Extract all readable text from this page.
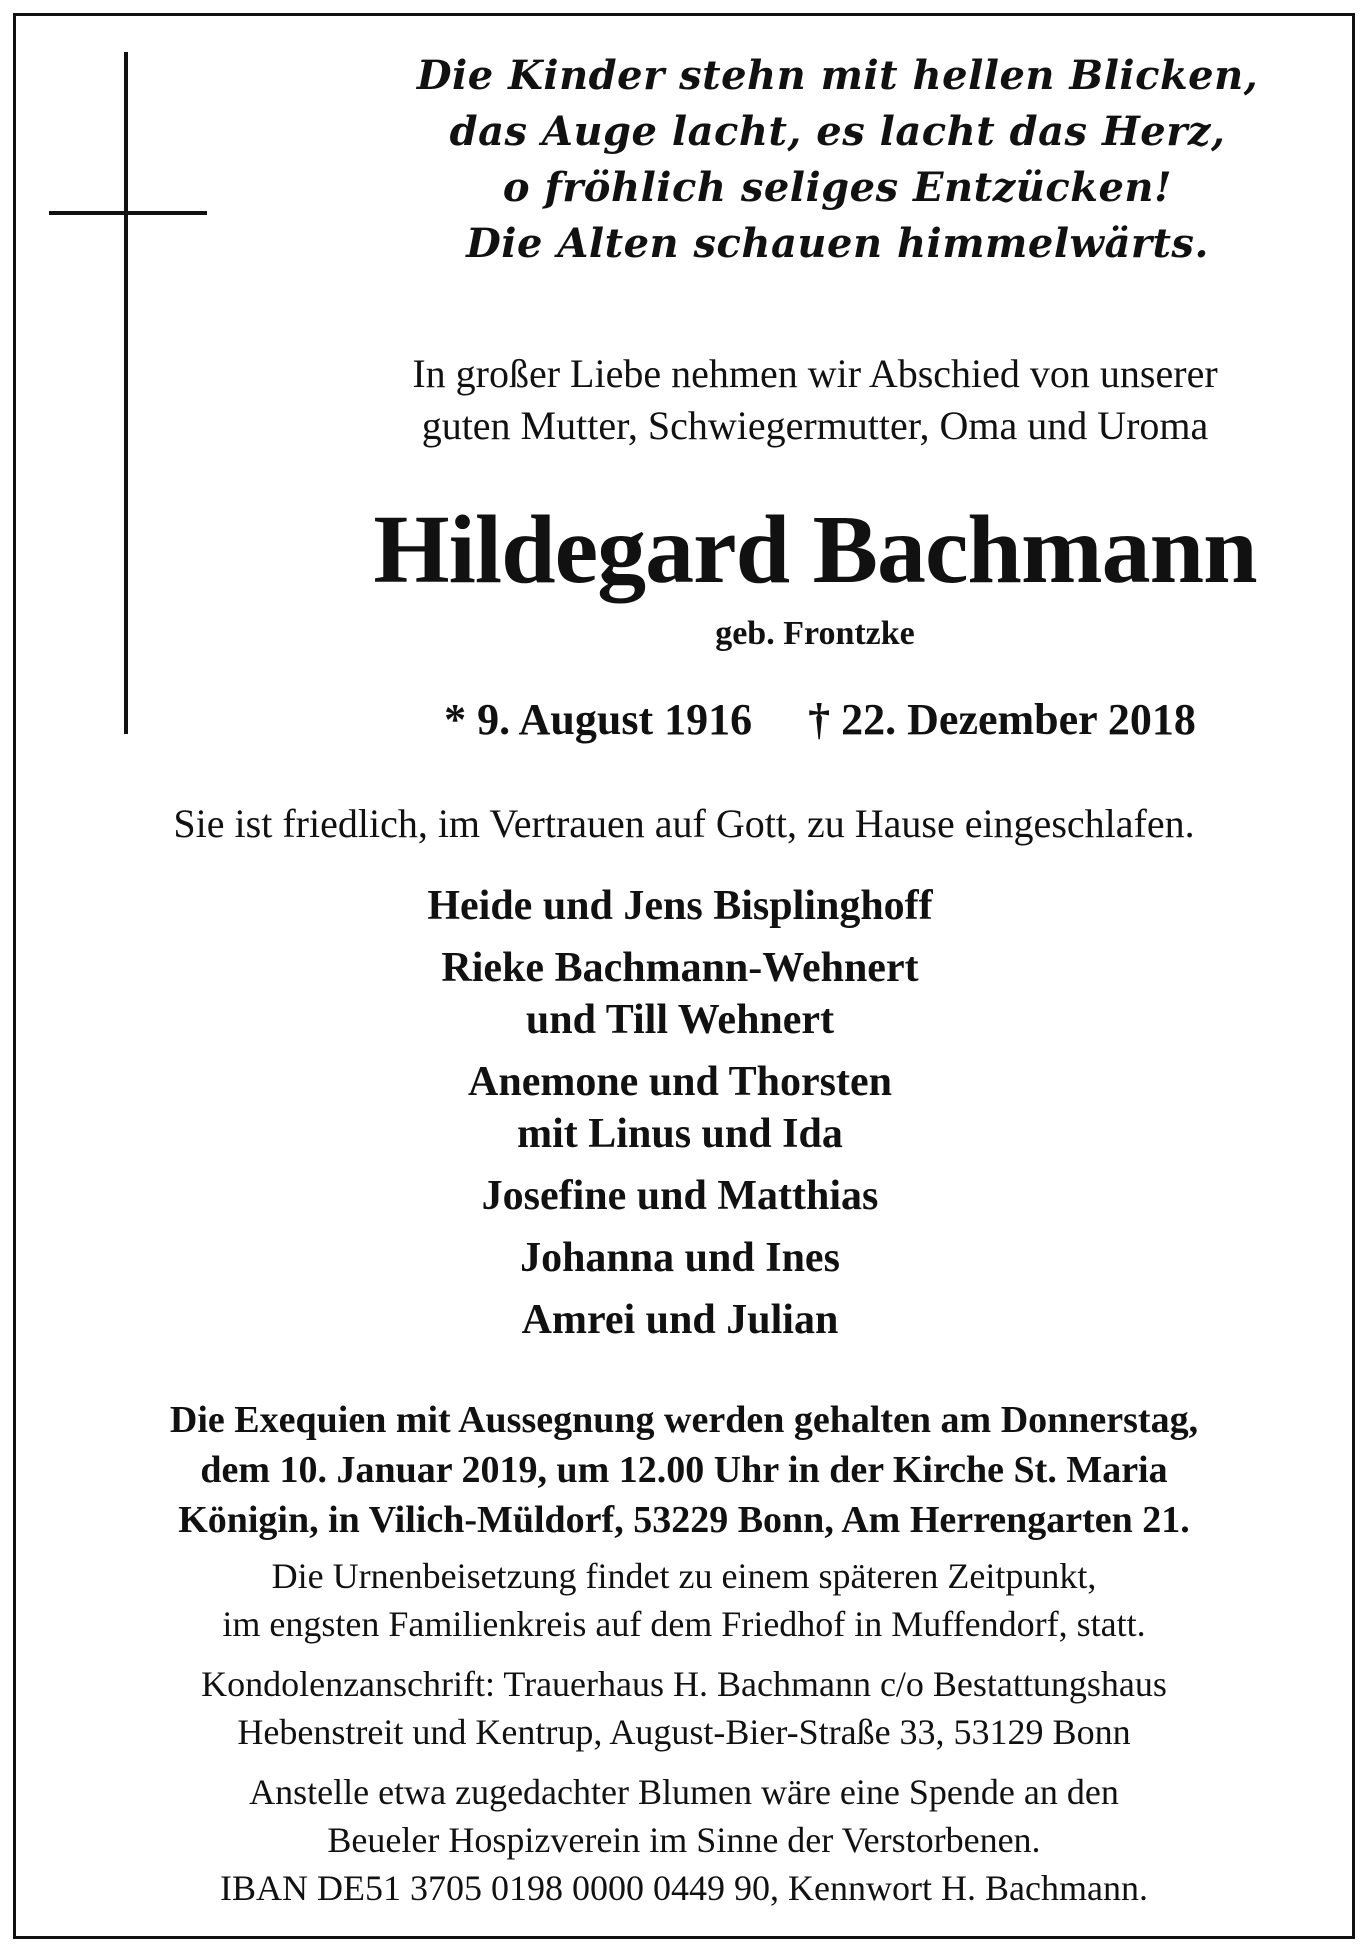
Die Kinder stehn mit hellen Blicken,
das Auge lacht, es lacht das Herz,
o fröhlich seliges Entzücken!
Die Alten schauen himmelwärts.
In großer Liebe nehmen wir Abschied von unserer
guten Mutter, Schwiegermutter, Oma und Uroma
Hildegard Bachmann
geb. Frontzke
* 9. August 1916 † 22. Dezember 2018
Sie ist friedlich, im Vertrauen auf Gott, zu Hause eingeschlafen.
Heide und Jens Bisplinghoff
Rieke Bachmann-Wehnert
und Till Wehnert
Anemone und Thorsten
mit Linus und Ida
Josefine und Matthias
Johanna und Ines
Amrei und Julian
Die Exequien mit Aussegnung werden gehalten am Donnerstag,
dem 10. Januar 2019, um 12.00 Uhr in der Kirche St. Maria
Königin, in Vilich-Müldorf, 53229 Bonn, Am Herrengarten 21.
Die Urnenbeisetzung findet zu einem späteren Zeitpunkt,
im engsten Familienkreis auf dem Friedhof in Muffendorf, statt.
Kondolenzanschrift: Trauerhaus H. Bachmann c/o Bestattungshaus
Hebenstreit und Kentrup, August-Bier-Straße 33, 53129 Bonn
Anstelle etwa zugedachter Blumen wäre eine Spende an den
Beueler Hospizverein im Sinne der Verstorbenen.
IBAN DE51 3705 0198 0000 0449 90, Kennwort H. Bachmann.
